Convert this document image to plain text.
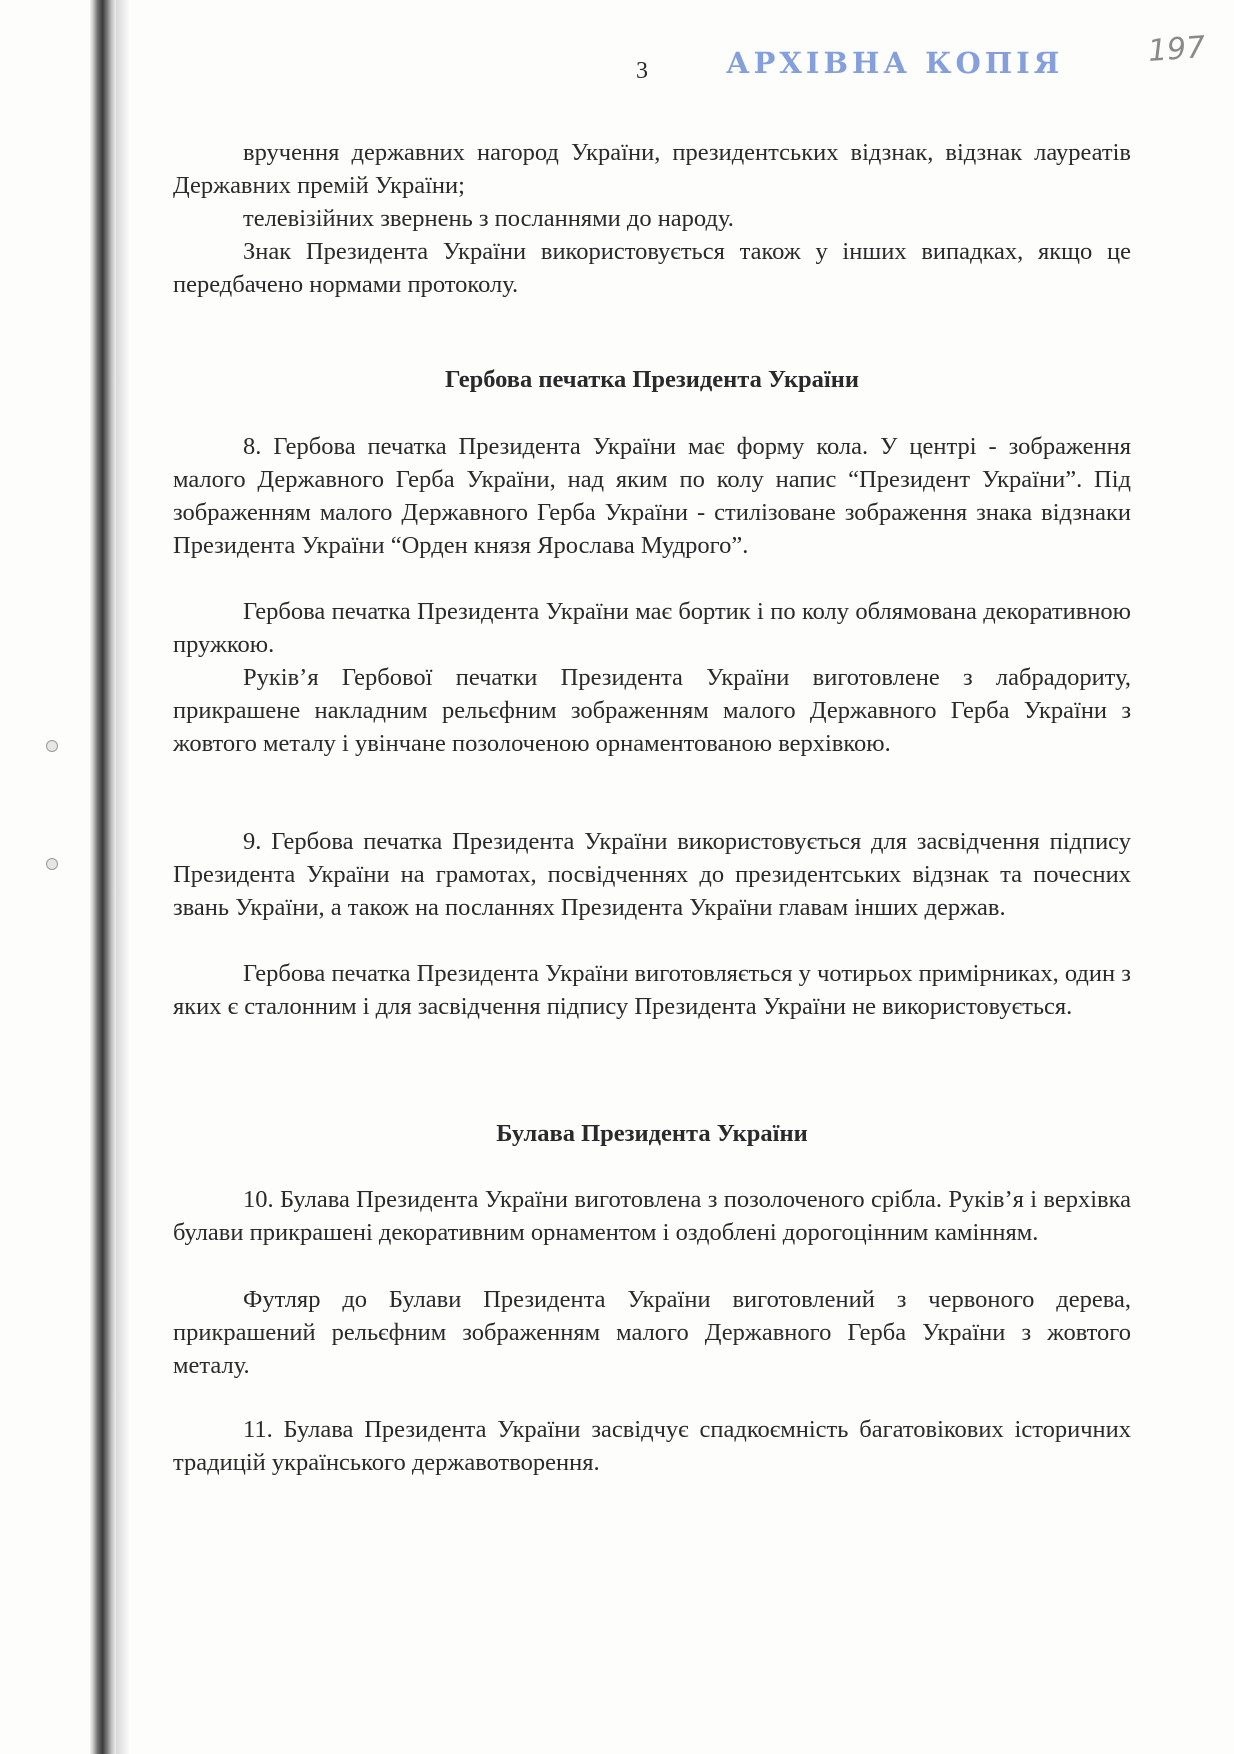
3	АРХІВНА КОПІЯ	197

вручення державних нагород України, президентських відзнак, відзнак лауреатів Державних премій України;

телевізійних звернень з посланнями до народу.

Знак Президента України використовується також у інших випадках, якщо це передбачено нормами протоколу.

Гербова печатка Президента України

8. Гербова печатка Президента України має форму кола. У центрі - зображення малого Державного Герба України, над яким по колу напис “Президент України”. Під зображенням малого Державного Герба України - стилізоване зображення знака відзнаки Президента України “Орден князя Ярослава Мудрого”.

Гербова печатка Президента України має бортик і по колу облямована декоративною пружкою.

Руків’я Гербової печатки Президента України виготовлене з лабрадориту, прикрашене накладним рельєфним зображенням малого Державного Герба України з жовтого металу і увінчане позолоченою орнаментованою верхівкою.

9. Гербова печатка Президента України використовується для засвідчення підпису Президента України на грамотах, посвідченнях до президентських відзнак та почесних звань України, а також на посланнях Президента України главам інших держав.

Гербова печатка Президента України виготовляється у чотирьох примірниках, один з яких є сталонним і для засвідчення підпису Президента України не використовується.

Булава Президента України

10. Булава Президента України виготовлена з позолоченого срібла. Руків’я і верхівка булави прикрашені декоративним орнаментом і оздоблені дорогоцінним камінням.

Футляр до Булави Президента України виготовлений з червоного дерева, прикрашений рельєфним зображенням малого Державного Герба України з жовтого металу.

11. Булава Президента України засвідчує спадкоємність багатовікових історичних традицій українського державотворення.
